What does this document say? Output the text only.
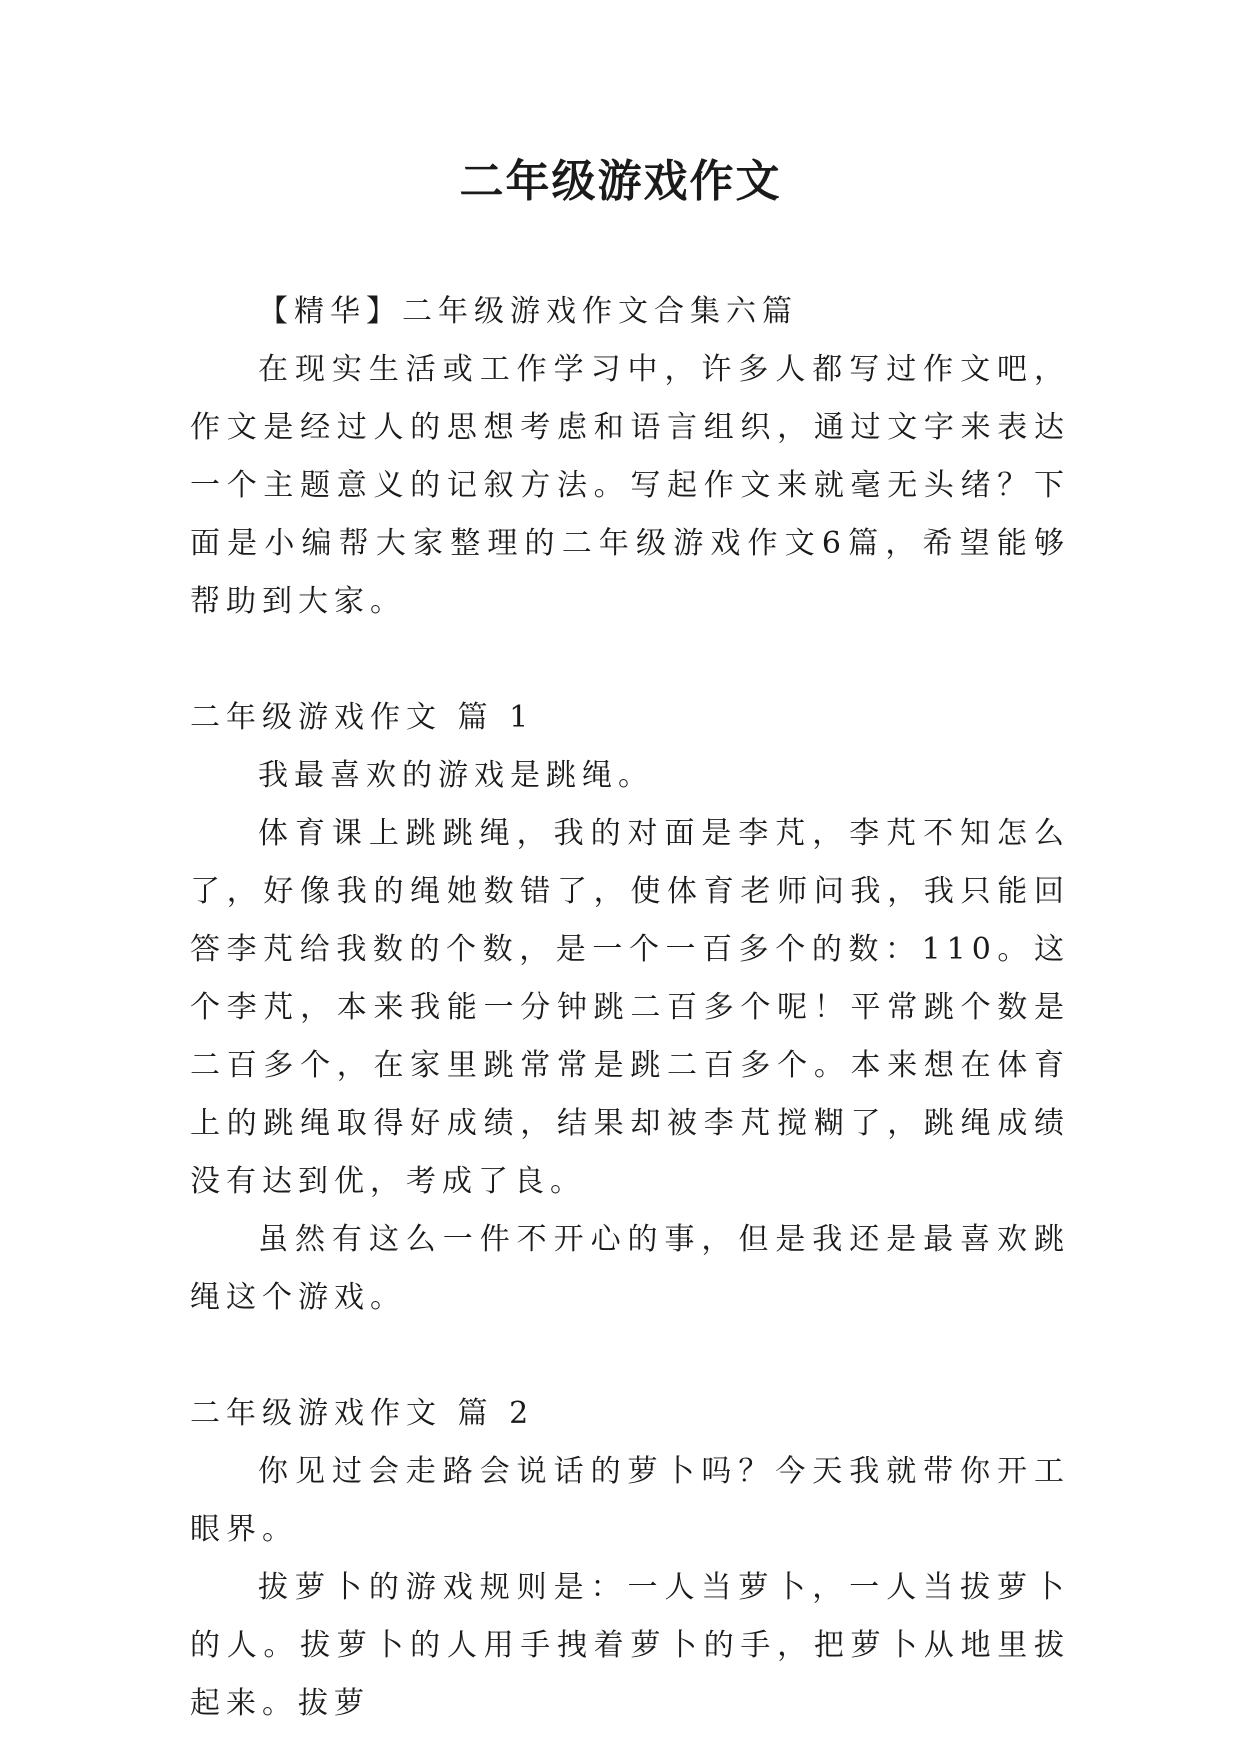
二年级游戏作文

【精华】二年级游戏作文合集六篇

在现实生活或工作学习中，许多人都写过作文吧，作文是经过人的思想考虑和语言组织，通过文字来表达一个主题意义的记叙方法。写起作文来就毫无头绪？下面是小编帮大家整理的二年级游戏作文6篇，希望能够帮助到大家。

二年级游戏作文 篇 1

我最喜欢的游戏是跳绳。

体育课上跳跳绳，我的对面是李芃，李芃不知怎么了，好像我的绳她数错了，使体育老师问我，我只能回答李芃给我数的个数，是一个一百多个的数：110。这个李芃，本来我能一分钟跳二百多个呢！平常跳个数是二百多个，在家里跳常常是跳二百多个。本来想在体育上的跳绳取得好成绩，结果却被李芃搅糊了，跳绳成绩没有达到优，考成了良。

虽然有这么一件不开心的事，但是我还是最喜欢跳绳这个游戏。

二年级游戏作文 篇 2

你见过会走路会说话的萝卜吗？今天我就带你开工眼界。

拔萝卜的游戏规则是：一人当萝卜，一人当拔萝卜的人。拔萝卜的人用手拽着萝卜的手，把萝卜从地里拔起来。拔萝
